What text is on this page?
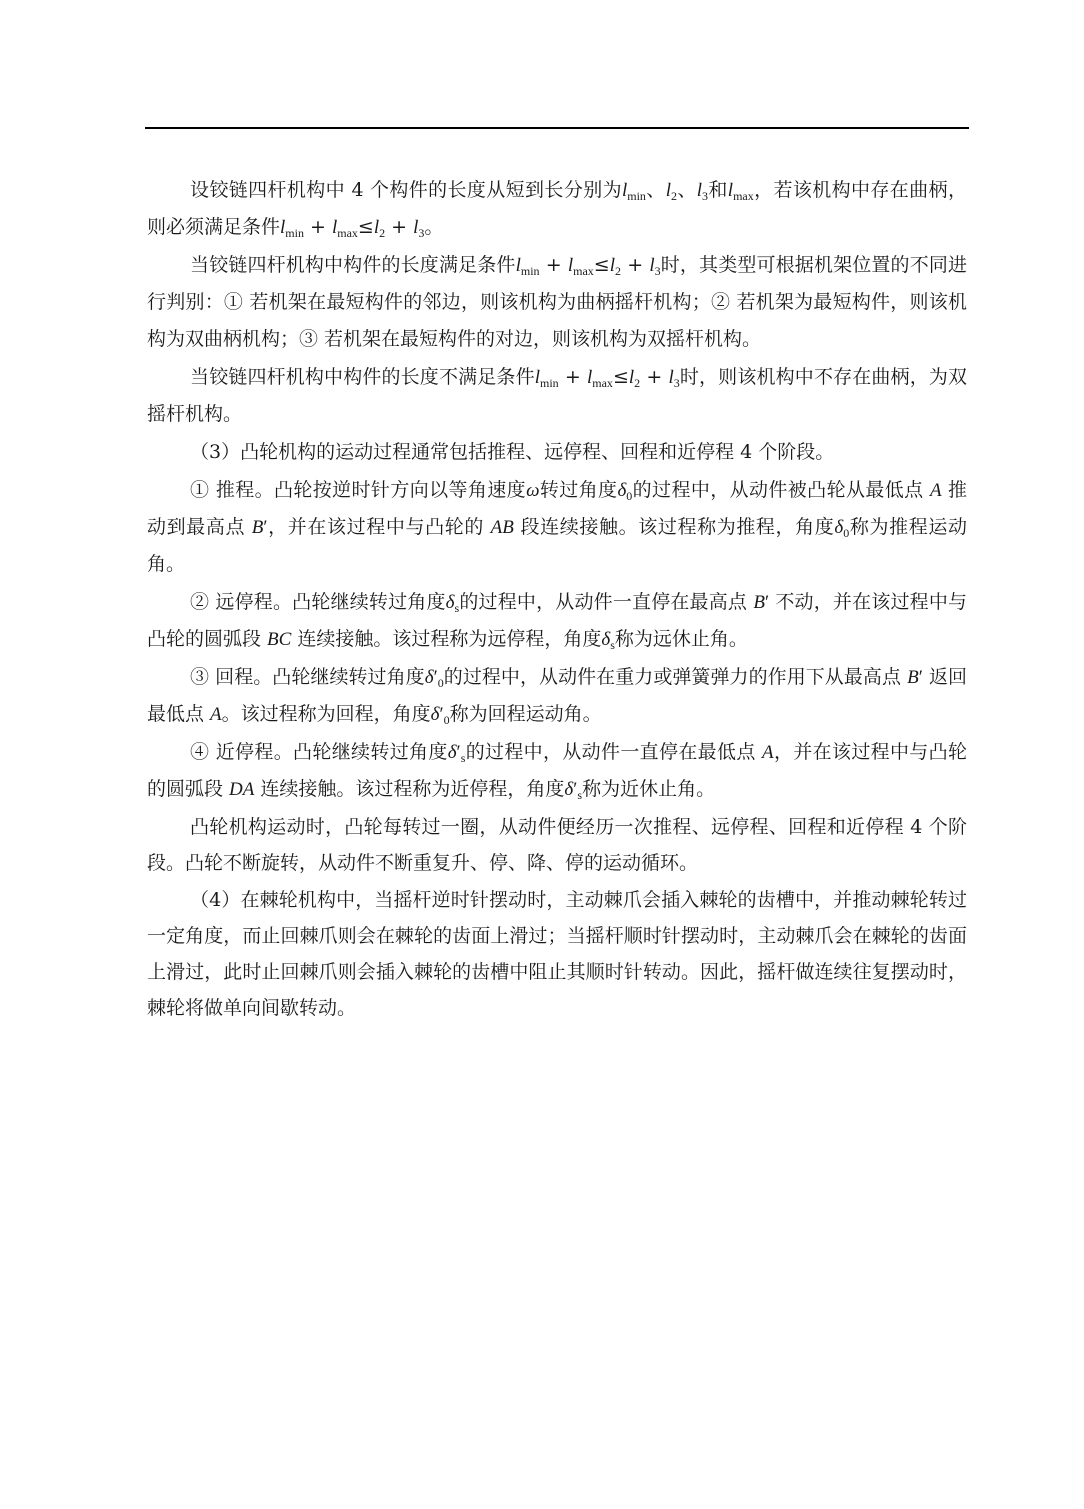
设铰链四杆机构中 4 个构件的长度从短到长分别为$l_{min}$、$l_2$、$l_3$和$l_{max}$，若该机构中存在曲柄，则必须满足条件$l_{min} + l_{max}\le l_2 + l_3$。

当铰链四杆机构中构件的长度满足条件$l_{min} + l_{max}\le l_2 + l_3$时，其类型可根据机架位置的不同进行判别：① 若机架在最短构件的邻边，则该机构为曲柄摇杆机构；② 若机架为最短构件，则该机构为双曲柄机构；③ 若机架在最短构件的对边，则该机构为双摇杆机构。

当铰链四杆机构中构件的长度不满足条件$l_{min} + l_{max}\le l_2 + l_3$时，则该机构中不存在曲柄，为双摇杆机构。

（3）凸轮机构的运动过程通常包括推程、远停程、回程和近停程 4 个阶段。

① 推程。凸轮按逆时针方向以等角速度ω转过角度$\delta_0$的过程中，从动件被凸轮从最低点 A 推动到最高点 B′，并在该过程中与凸轮的 AB 段连续接触。该过程称为推程，角度$\delta_0$称为推程运动角。

② 远停程。凸轮继续转过角度$\delta_s$的过程中，从动件一直停在最高点 B′ 不动，并在该过程中与凸轮的圆弧段 BC 连续接触。该过程称为远停程，角度$\delta_s$称为远休止角。

③ 回程。凸轮继续转过角度$\delta'_0$的过程中，从动件在重力或弹簧弹力的作用下从最高点 B′ 返回最低点 A。该过程称为回程，角度$\delta'_0$称为回程运动角。

④ 近停程。凸轮继续转过角度$\delta'_s$的过程中，从动件一直停在最低点 A，并在该过程中与凸轮的圆弧段 DA 连续接触。该过程称为近停程，角度$\delta'_s$称为近休止角。

凸轮机构运动时，凸轮每转过一圈，从动件便经历一次推程、远停程、回程和近停程 4 个阶段。凸轮不断旋转，从动件不断重复升、停、降、停的运动循环。

（4）在棘轮机构中，当摇杆逆时针摆动时，主动棘爪会插入棘轮的齿槽中，并推动棘轮转过一定角度，而止回棘爪则会在棘轮的齿面上滑过；当摇杆顺时针摆动时，主动棘爪会在棘轮的齿面上滑过，此时止回棘爪则会插入棘轮的齿槽中阻止其顺时针转动。因此，摇杆做连续往复摆动时，棘轮将做单向间歇转动。
